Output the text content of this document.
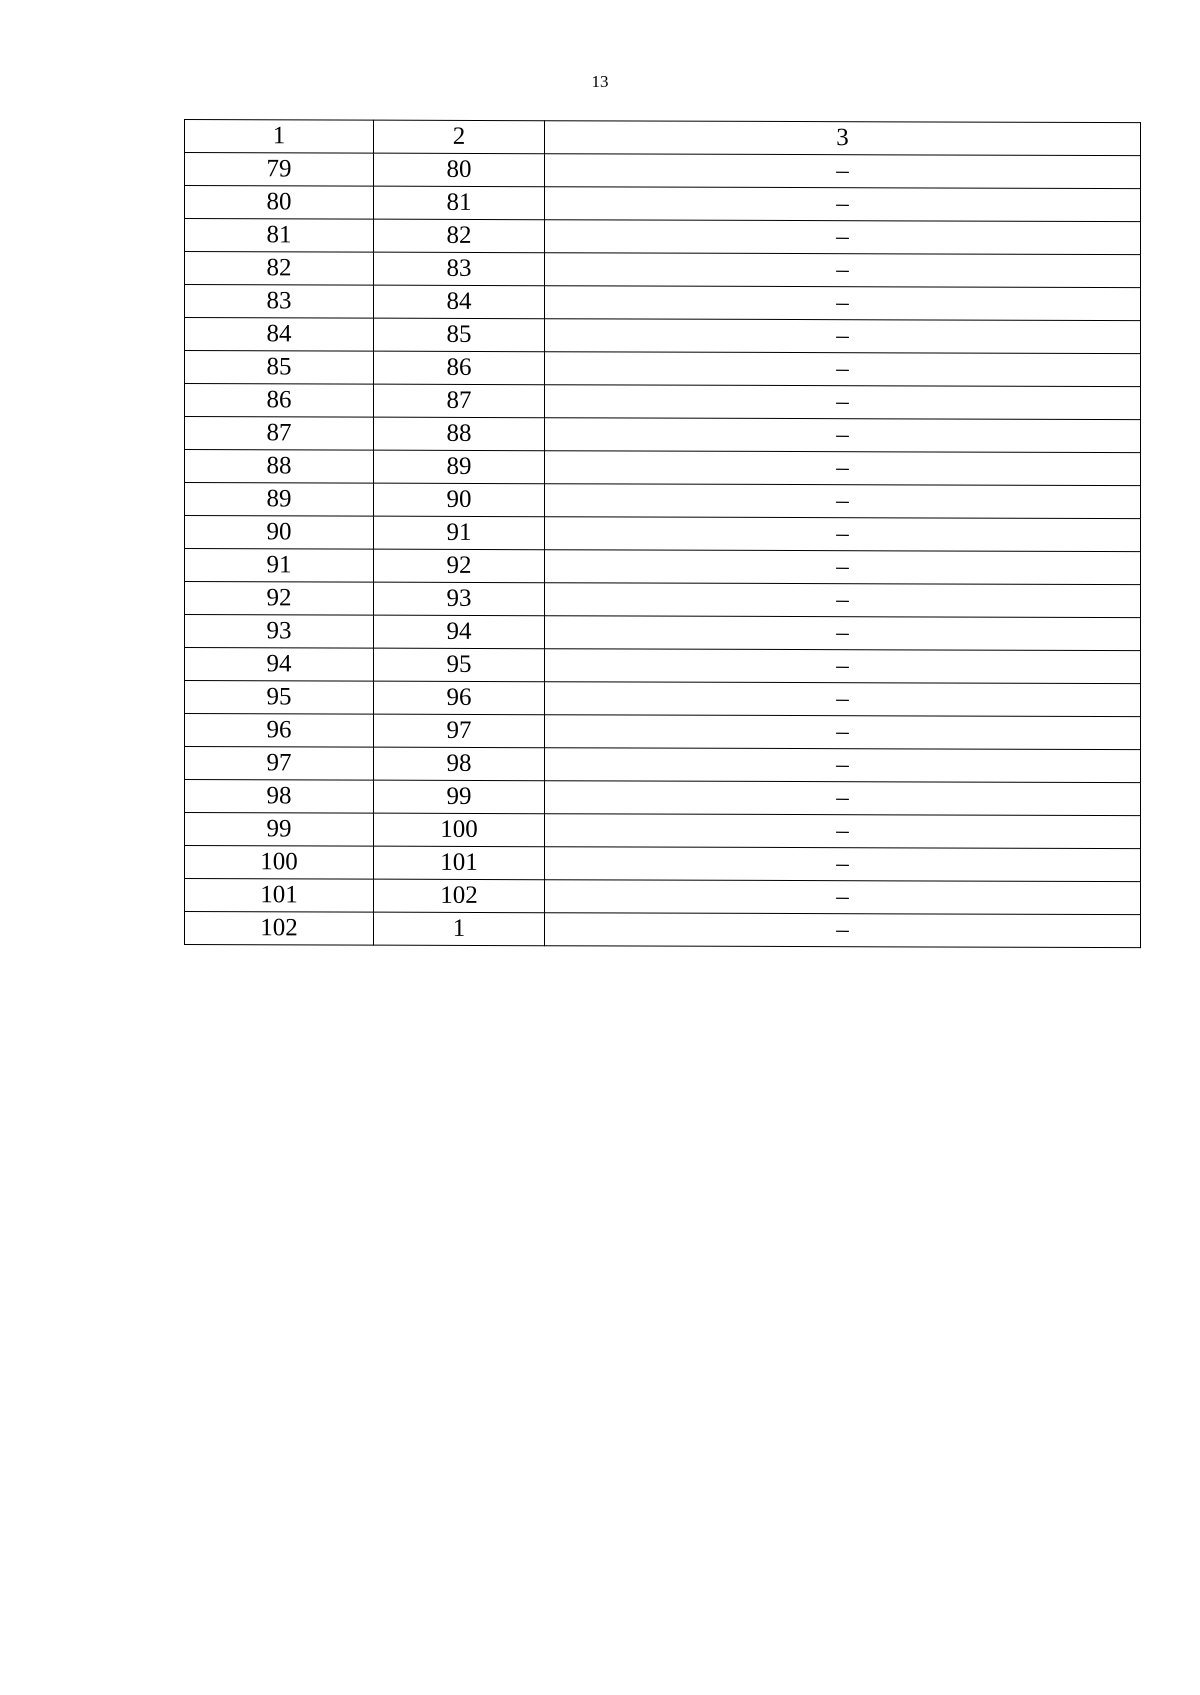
13
1	2	3
79	80	–
80	81	–
81	82	–
82	83	–
83	84	–
84	85	–
85	86	–
86	87	–
87	88	–
88	89	–
89	90	–
90	91	–
91	92	–
92	93	–
93	94	–
94	95	–
95	96	–
96	97	–
97	98	–
98	99	–
99	100	–
100	101	–
101	102	–
102	1	–
